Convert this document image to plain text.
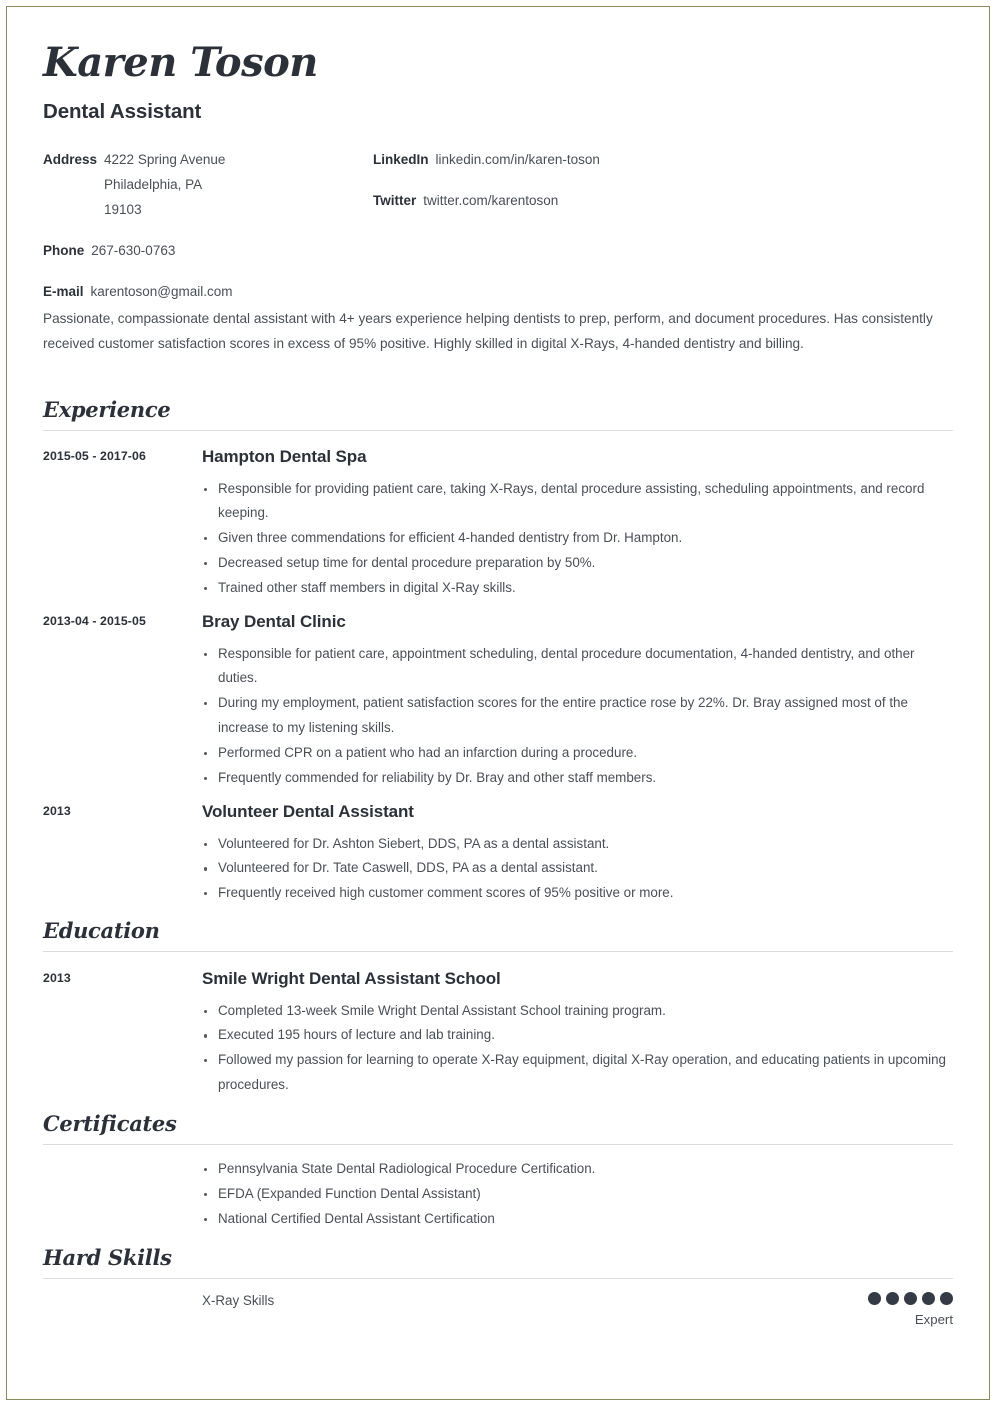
Karen Toson
Dental Assistant
Address 4222 Spring Avenue
Philadelphia, PA
19103
Phone 267-630-0763
E-mail karentoson@gmail.com
LinkedIn linkedin.com/in/karen-toson
Twitter twitter.com/karentoson
Passionate, compassionate dental assistant with 4+ years experience helping dentists to prep, perform, and document procedures. Has consistently received customer satisfaction scores in excess of 95% positive. Highly skilled in digital X-Rays, 4-handed dentistry and billing.
Experience
2015-05 - 2017-06	Hampton Dental Spa
Responsible for providing patient care, taking X-Rays, dental procedure assisting, scheduling appointments, and record keeping.
Given three commendations for efficient 4-handed dentistry from Dr. Hampton.
Decreased setup time for dental procedure preparation by 50%.
Trained other staff members in digital X-Ray skills.
2013-04 - 2015-05	Bray Dental Clinic
Responsible for patient care, appointment scheduling, dental procedure documentation, 4-handed dentistry, and other duties.
During my employment, patient satisfaction scores for the entire practice rose by 22%. Dr. Bray assigned most of the increase to my listening skills.
Performed CPR on a patient who had an infarction during a procedure.
Frequently commended for reliability by Dr. Bray and other staff members.
2013	Volunteer Dental Assistant
Volunteered for Dr. Ashton Siebert, DDS, PA as a dental assistant.
Volunteered for Dr. Tate Caswell, DDS, PA as a dental assistant.
Frequently received high customer comment scores of 95% positive or more.
Education
2013	Smile Wright Dental Assistant School
Completed 13-week Smile Wright Dental Assistant School training program.
Executed 195 hours of lecture and lab training.
Followed my passion for learning to operate X-Ray equipment, digital X-Ray operation, and educating patients in upcoming procedures.
Certificates
Pennsylvania State Dental Radiological Procedure Certification.
EFDA (Expanded Function Dental Assistant)
National Certified Dental Assistant Certification
Hard Skills
X-Ray Skills
Expert
